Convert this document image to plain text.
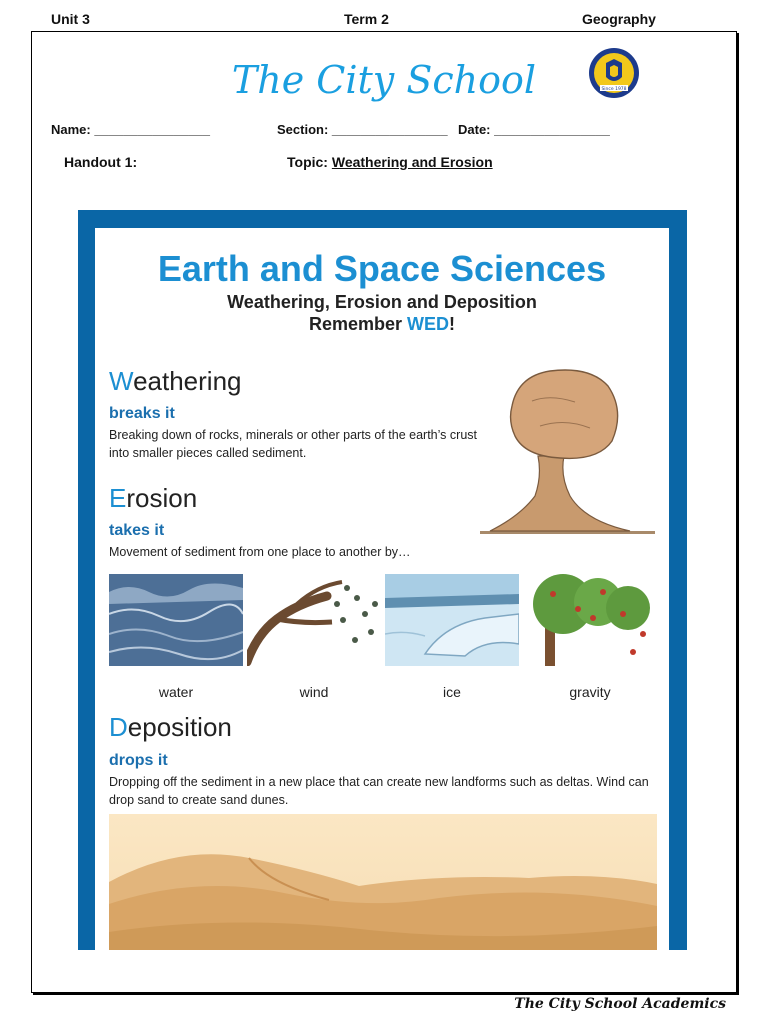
Unit 3	Term 2	Geography
The City School	Since 1978
Name: ________________	Section: ________________ Date: ________________
Handout 1:	Topic: Weathering and Erosion
Earth and Space Sciences
Weathering, Erosion and Deposition
Remember WED!
Weathering
breaks it
Breaking down of rocks, minerals or other parts of the earth’s crust into smaller pieces called sediment.
Erosion
takes it
Movement of sediment from one place to another by…
water	wind	ice	gravity
Deposition
drops it
Dropping off the sediment in a new place that can create new landforms such as deltas. Wind can drop sand to create sand dunes.
The City School Academics
